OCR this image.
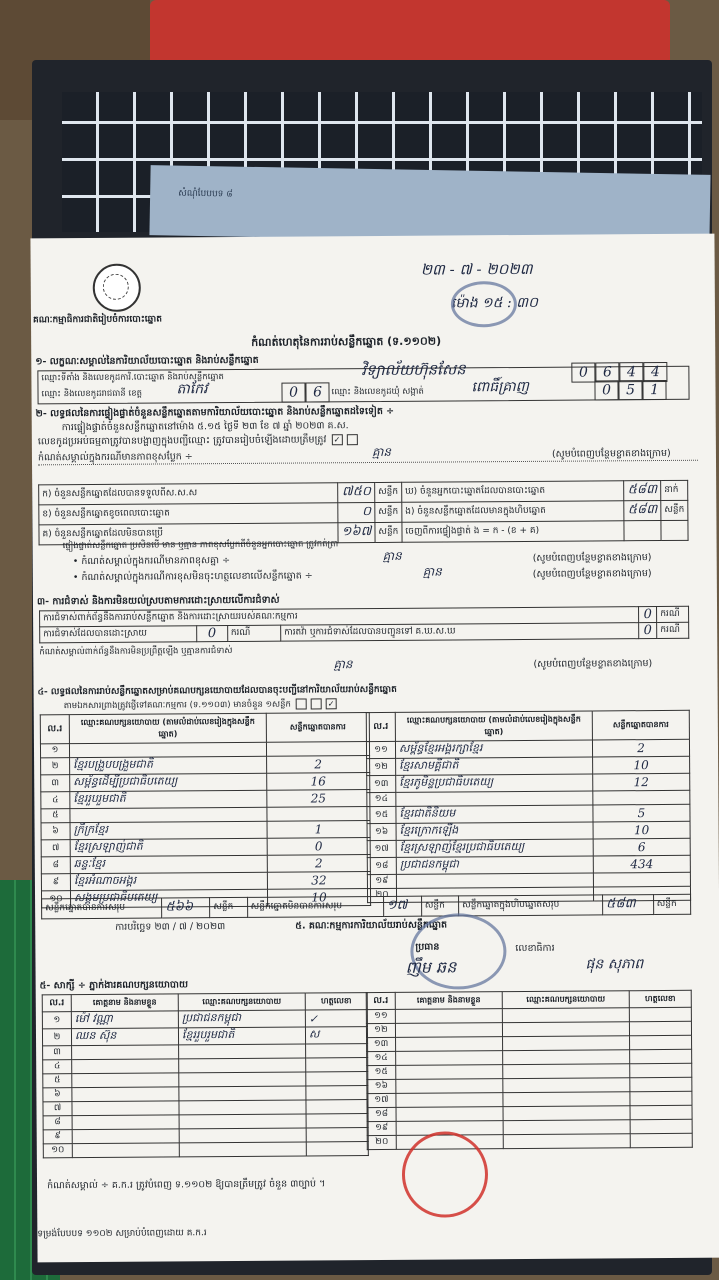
សំណុំបែបបទ ៨
គណៈកម្មាធិការជាតិរៀបចំការបោះឆ្នោត
២៣ - ៧ - ២០២៣
ម៉ោង ១៥ : ៣០
កំណត់ហេតុនៃការរាប់សន្លឹកឆ្នោត (ទ.១១០២)
១- លក្ខណៈសម្គាល់នៃការិយាល័យបោះឆ្នោត និងរាប់សន្លឹកឆ្នោត
ឈ្មោះទីតាំង និងលេខកូដការិ.បោះឆ្នោត និងរាប់សន្លឹកឆ្នោត	វិទ្យាល័យហ៊ុនសែន	0	6	4	4
ឈ្មោះ និងលេខកូដរាជធានី ខេត្ត តាកែវ	0	6	ឈ្មោះ និងលេខកូដឃុំ សង្កាត់	ពោធិ៍គ្រាញ	0	5	1
២- លទ្ធផលនៃការផ្ទៀងផ្ទាត់ចំនួនសន្លឹកឆ្នោតតាមការិយាល័យបោះឆ្នោត និងរាប់សន្លឹកឆ្នោតដទៃទៀត ÷
ការផ្ទៀងផ្ទាត់ចំនួនសន្លឹកឆ្នោតនៅម៉ោង ៥.១៥ ថ្ងៃទី ២៣ ខែ ៧ ឆ្នាំ ២០២៣ គ.ស.
លេខកូដប្រអប់ធម្មតាត្រូវបានបង្ហាញក្នុងបញ្ជីឈ្មោះ ត្រូវបានរៀបចំឡើងដោយត្រឹមត្រូវ ✓
កំណត់សម្គាល់ក្នុងករណីមានភាពខុសប្លែក ÷	គ្មាន	(សូមបំពេញបន្ថែមខ្លាតខាងក្រោម)
ក) ចំនួនសន្លឹកឆ្នោតដែលបានទទួលពីស.ស.ស	៧៥០	សន្លឹក	ឃ) ចំនួនអ្នកបោះឆ្នោតដែលបានបោះឆ្នោត	៥៨៣	នាក់
ខ) ចំនួនសន្លឹកឆ្នោតខូចពេលបោះឆ្នោត	០	សន្លឹក	ង) ចំនួនសន្លឹកឆ្នោតដែលមានក្នុងហិបឆ្នោត	៥៨៣	សន្លឹក
គ) ចំនួនសន្លឹកឆ្នោតដែលមិនបានប្រើ	១៦៧	សន្លឹក	ចេញពីការផ្ទៀងផ្ទាត់ ង = ក - (ខ + គ)		
ផ្ទៀងផ្ទាត់សន្លឹកឆ្នោត ប្រសិនបើ មាន ឬគ្មាន ភាពខុសប្លែកពីចំនួនអ្នកបោះឆ្នោត ត្រូវកត់ត្រា
• កំណត់សម្គាល់ក្នុងករណីមានភាពខុសគ្នា ÷	គ្មាន	(សូមបំពេញបន្ថែមខ្លាតខាងក្រោម)
• កំណត់សម្គាល់ក្នុងករណីការខុសមិនចុះហត្ថលេខាលើសន្លឹកឆ្នោត ÷	គ្មាន	(សូមបំពេញបន្ថែមខ្លាតខាងក្រោម)
៣- ការជំទាស់ និងការមិនយល់ស្របតាមការដោះស្រាយលើការជំទាស់
ការជំទាស់ពាក់ព័ន្ធនឹងការរាប់សន្លឹកឆ្នោត និងការដោះស្រាយរបស់គណៈកម្មការ				0	ករណី
ការជំទាស់ដែលបានដោះស្រាយ	0	ករណី	ការតវ៉ា ឬការជំទាស់ដែលបានបញ្ជូនទៅ គ.ឃ.ស.ឃ	0	ករណី
កំណត់សម្គាល់ពាក់ព័ន្ធនឹងការមិនប្រព្រឹត្តឡើង ឬគ្មានការជំទាស់
គ្មាន	(សូមបំពេញបន្ថែមខ្លាតខាងក្រោម)
៤- លទ្ធផលនៃការរាប់សន្លឹកឆ្នោតសម្រាប់គណបក្សនយោបាយដែលបានចុះបញ្ជីនៅការិយាល័យរាប់សន្លឹកឆ្នោត
តាមឯកសារព្រាងត្រូវផ្ញើទៅគណៈកម្មការ (ទ.១១០៣) មានចំនួន ១សន្លឹក	✓
ល.រ	ឈ្មោះគណបក្សនយោបាយ (តាមលំដាប់លេខរៀងក្នុងសន្លឹកឆ្នោត)	សន្លឹកឆ្នោតបានការ
១		
២	ខ្មែរបង្រួបបង្រួមជាតិ	2
៣	សម្ព័ន្ធដើម្បីប្រជាធិបតេយ្យ	16
៤	ខ្មែររួបរួមជាតិ	25
៥		
៦	ក្រីក្រខ្មែរ	1
៧	ខ្មែរស្រឡាញ់ជាតិ	0
៨	ឆន្ទៈខ្មែរ	2
៩	ខ្មែរអំណាចអង្គរ	32
១០	សង្គមប្រជាធិបតេយ្យ	10
ល.រ	ឈ្មោះគណបក្សនយោបាយ (តាមលំដាប់លេខរៀងក្នុងសន្លឹកឆ្នោត)	សន្លឹកឆ្នោតបានការ
១១	សម្ព័ន្ធខ្មែរអង្គរក្សាខ្មែរ	2
១២	ខ្មែរសាមគ្គីជាតិ	10
១៣	ខ្មែរភូមិន្ទប្រជាធិបតេយ្យ	12
១៤		
១៥	ខ្មែរជាតិនិយម	5
១៦	ខ្មែរក្រោកឡើង	10
១៧	ខ្មែរស្រឡាញ់ខ្មែរប្រជាធិបតេយ្យ	6
១៨	ប្រជាជនកម្ពុជា	434
១៩		
២០		
សន្លឹកឆ្នោតបានការសរុប	៥៦៦	សន្លឹក	សន្លឹកឆ្នោតមិនបានការសរុប	១៧	សន្លឹក	សន្លឹកឆ្នោតក្នុងហិបឆ្នោតសរុប	៥៨៣	សន្លឹក
ការបរិច្ឆេទ ២៣ / ៧ / ២០២៣	៥. គណៈកម្មការការិយាល័យរាប់សន្លឹកឆ្នោត
ប្រធាន
ញឹម ឆន
លេខាធិការ
ផុន សុភាព
៥- សាក្សី ÷ ភ្នាក់ងារគណបក្សនយោបាយ
ល.រ	គោត្តនាម និងនាមខ្លួន	ឈ្មោះគណបក្សនយោបាយ	ហត្ថលេខា
១	ម៉ៅ វណ្ណា	ប្រជាជនកម្ពុជា	✓
២	ឈន ស៊ុន	ខ្មែររួបរួមជាតិ	ស
៣			
៤			
៥			
៦			
៧			
៨			
៩			
១០			
ល.រ	គោត្តនាម និងនាមខ្លួន	ឈ្មោះគណបក្សនយោបាយ	ហត្ថលេខា
១១			
១២			
១៣			
១៤			
១៥			
១៦			
១៧			
១៨			
១៩			
២០			
កំណត់សម្គាល់ ÷ គ.ក.រ ត្រូវបំពេញ ទ.១១០២ ឱ្យបានត្រឹមត្រូវ ចំនួន ៣ច្បាប់ ។
ទម្រង់បែបបទ ១១០២ សម្រាប់បំពេញដោយ គ.ក.រ
